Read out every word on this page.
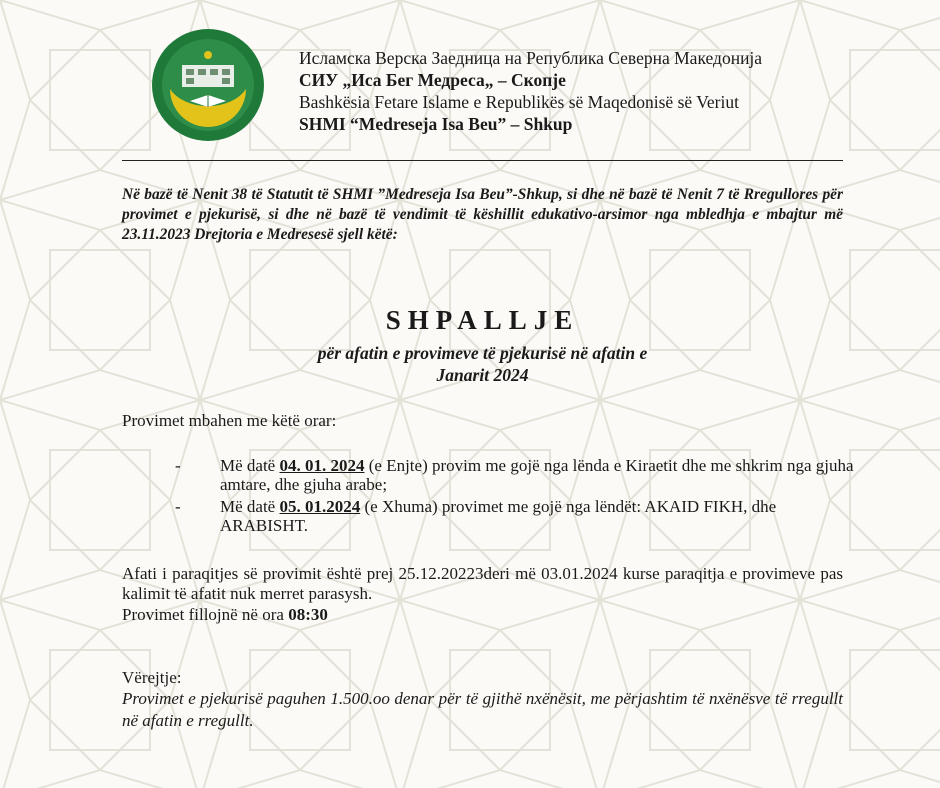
Исламска Верска Заедница на Република Северна Македонија
СИУ „Иса Бег Медреса„ – Скопје
Bashkësia Fetare Islame e Republikës së Maqedonisë së Veriut
SHMI “Medreseja Isa Beu” – Shkup
Në bazë të Nenit 38 të Statutit të SHMI ”Medreseja Isa Beu”-Shkup, si dhe në bazë të Nenit 7 të Rregullores për provimet e pjekurisë, si dhe në bazë të vendimit të këshillit edukativo-arsimor nga mbledhja e mbajtur më 23.11.2023 Drejtoria e Medresesë sjell këtë:
SHPALLJE
për afatin e provimeve të pjekurisë në afatin e
Janarit 2024
Provimet mbahen me këtë orar:
- Më datë 04. 01. 2024 (e Enjte) provim me gojë nga lënda e Kiraetit dhe me shkrim nga gjuha amtare, dhe gjuha arabe;
- Më datë 05. 01.2024 (e Xhuma) provimet me gojë nga lëndët: AKAID FIKH, dhe ARABISHT.
Afati i paraqitjes së provimit është prej 25.12.20223deri më 03.01.2024 kurse paraqitja e provimeve pas kalimit të afatit nuk merret parasysh.
Provimet fillojnë në ora 08:30
Vërejtje:
Provimet e pjekurisë paguhen 1.500.oo denar për të gjithë nxënësit, me përjashtim të nxënësve të rregullt në afatin e rregullt.
